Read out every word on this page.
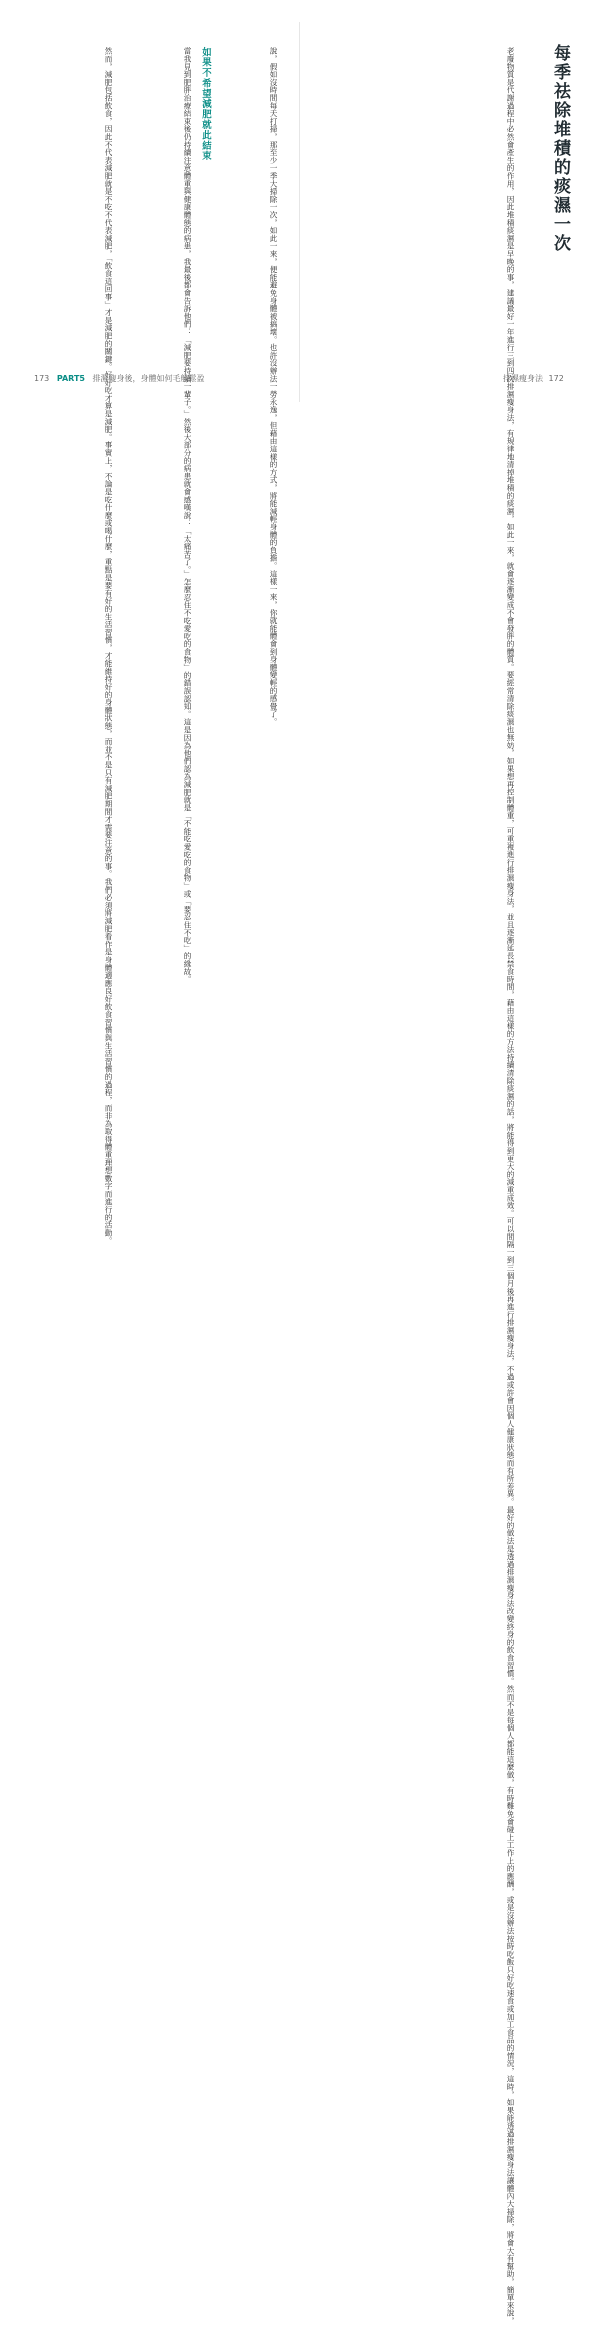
每季祛除堆積的痰濕一次
老廢物質是代謝過程中必然會產生的作用，因此堆積痰濕是早晚的事，建議最好一年進行三到四次排濕瘦身法，有規律地清掉堆積的痰濕，如此一來，就會逐漸變成不會發胖的體質。要經常清除痰濕也無妨，如果想再控制體重，可重複進行排濕瘦身法，並且逐漸延長禁食時間，藉由這樣的方法持續清除痰濕的話，將能得到更大的減重成效。可以間隔一到三個月後再進行排濕瘦身法，不過或許會因個人健康狀態而有所差異。最好的做法是透過排濕瘦身法改變終身的飲食習慣。然而不是每個人都能這麼做，有時難免會碰上工作上的應酬，或是沒辦法按時吃飯只好吃速食或加工食品的情況，這時，如果能透過排濕瘦身法讓體內大掃除，將會大有幫助，簡單來說，
說，假如沒時間每天打掃，那至少一季大掃除一次，如此一來，便能避免身體被搞壞。也許沒辦法一勞永逸，但藉由這樣的方式，將能減輕身體的負擔。這樣一來，你就能體會到身體變輕的感覺了。
如果不希望減肥就此結束
當我見到肥胖治療結束後仍持續注意體重與健康體態的病患，我最後都會告訴他們：「減肥要持續一輩子。」然後大部分的病患就會感嘆說：「太痛苦了。」怎麼忍住不吃愛吃的食物」的錯誤認知。這是因為他們認為減肥就是「不能吃愛吃的食物」或「要忍住不吃」的緣故。
然而，減肥包括飲食，因此不代表減肥就是不吃不代表減肥，「飲食這回事」才是減肥的關鍵。好好吃才算是減肥。事實上，不論是吃什麼或喝什麼，重點是要有好的生活習慣，才能維持好的身體狀態，而並不是只有減肥期間才需要注意的事。我們必須將減肥看作是身體適應良好飲食習慣與生活習慣的過程，而非為取得體重理想數字而進行的活動。
173 PART5 排濕瘦身後，身體如何毛般鬆盈	排濕瘦身法 172
